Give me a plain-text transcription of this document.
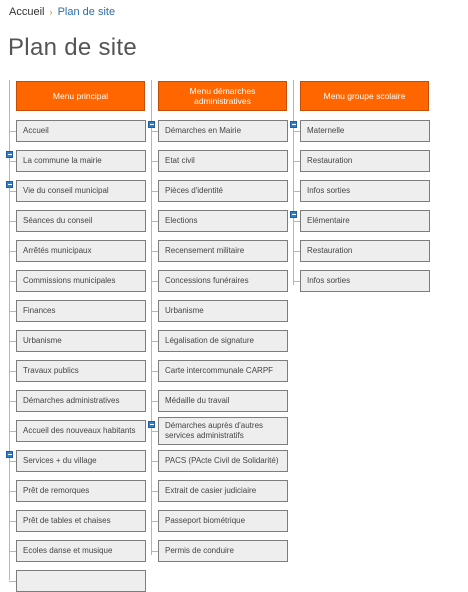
Accueil › Plan de site
Plan de site
Menu principal
Accueil
La commune la mairie
Vie du conseil municipal
Séances du conseil
Arrêtés municipaux
Commissions municipales
Finances
Urbanisme
Travaux publics
Démarches administratives
Accueil des nouveaux habitants
Services + du village
Prêt de remorques
Prêt de tables et chaises
Ecoles danse et musique
Menu démarches administratives
Démarches en Mairie
Etat civil
Pièces d'identité
Elections
Recensement militaire
Concessions funéraires
Urbanisme
Légalisation de signature
Carte intercommunale CARPF
Médaille du travail
Démarches auprès d'autres services administratifs
PACS (PActe Civil de Solidarité)
Extrait de casier judiciaire
Passeport biométrique
Permis de conduire
Menu groupe scolaire
Maternelle
Restauration
Infos sorties
Elémentaire
Restauration
Infos sorties
